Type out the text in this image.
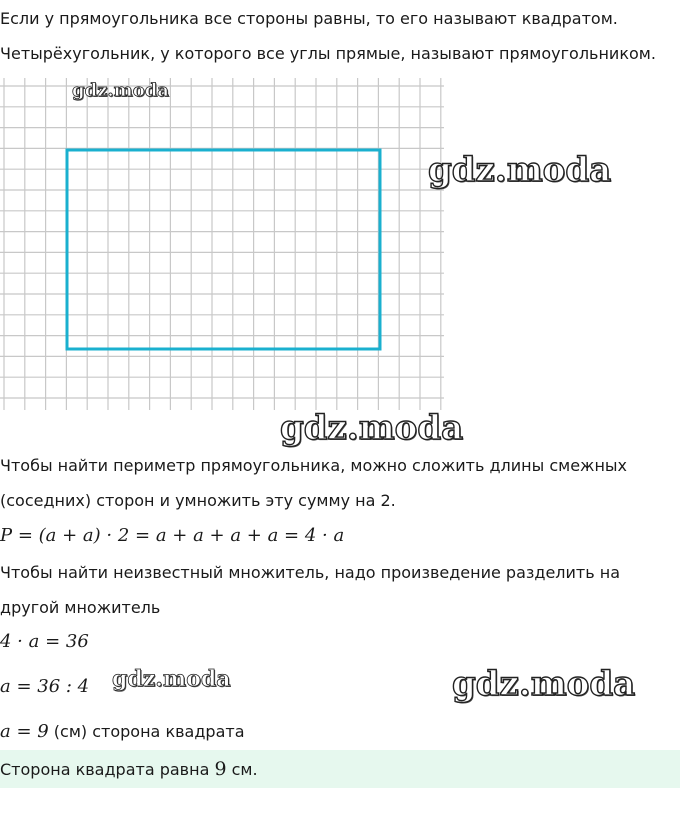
Если у прямоугольника все стороны равны, то его называют квадратом.
Четырёхугольник, у которого все углы прямые, называют прямоугольником.
gdz.moda
gdz.moda
gdz.moda
Чтобы найти периметр прямоугольника, можно сложить длины смежных
(соседних) сторон и умножить эту сумму на 2.
P = (a + a) · 2 = a + a + a + a = 4 · a
Чтобы найти неизвестный множитель, надо произведение разделить на
другой множитель
4 · a = 36
a = 36 : 4 gdz.moda	gdz.moda
a = 9 (см) сторона квадрата
Сторона квадрата равна 9 см.
